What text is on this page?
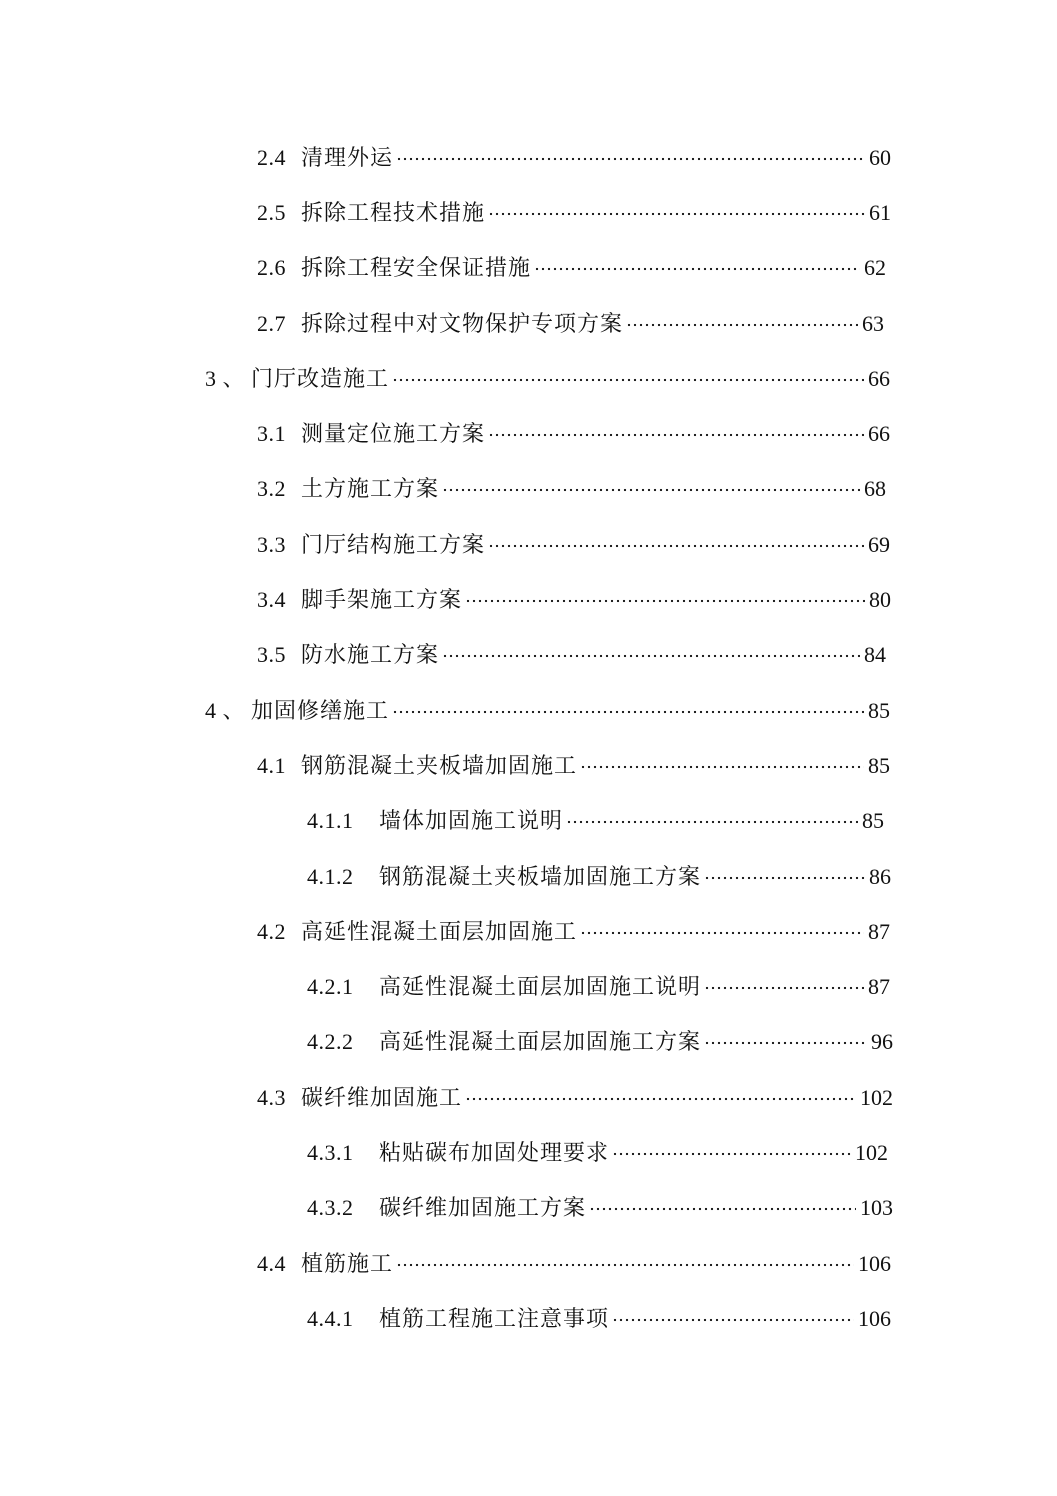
2.4 清理外运	60
2.5 拆除工程技术措施	61
2.6 拆除工程安全保证措施	62
2.7 拆除过程中对文物保护专项方案	63
3 、 门厅改造施工	66
3.1 测量定位施工方案	66
3.2 土方施工方案	68
3.3 门厅结构施工方案	69
3.4 脚手架施工方案	80
3.5 防水施工方案	84
4 、 加固修缮施工	85
4.1 钢筋混凝土夹板墙加固施工	85
4.1.1	墙体加固施工说明	85
4.1.2	钢筋混凝土夹板墙加固施工方案	86
4.2 高延性混凝土面层加固施工	87
4.2.1	高延性混凝土面层加固施工说明	87
4.2.2	高延性混凝土面层加固施工方案	96
4.3 碳纤维加固施工	102
4.3.1	粘贴碳布加固处理要求	102
4.3.2	碳纤维加固施工方案	103
4.4 植筋施工	106
4.4.1	植筋工程施工注意事项	106
